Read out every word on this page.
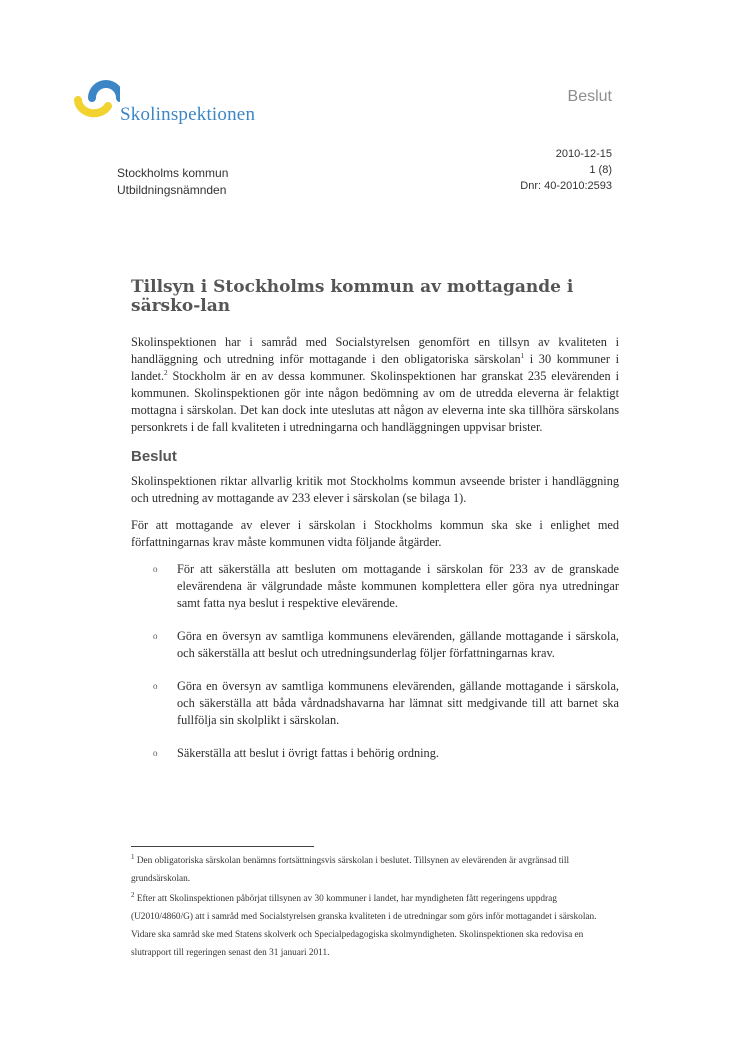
Skolinspektionen
Beslut
2010-12-15
1 (8)
Dnr: 40-2010:2593
Stockholms kommun
Utbildningsnämnden
Tillsyn i Stockholms kommun av mottagande i särsko-lan

Skolinspektionen har i samråd med Socialstyrelsen genomfört en tillsyn av kvaliteten i handläggning och utredning inför mottagande i den obligatoriska särskolan$^1$ i 30 kommuner i landet.$^2$ Stockholm är en av dessa kommuner. Skolinspektionen har granskat 235 elevärenden i kommunen. Skolinspektionen gör inte någon bedömning av om de utredda eleverna är felaktigt mottagna i särskolan. Det kan dock inte uteslutas att någon av eleverna inte ska tillhöra särskolans personkrets i de fall kvaliteten i utredningarna och handläggningen uppvisar brister.

Beslut

Skolinspektionen riktar allvarlig kritik mot Stockholms kommun avseende brister i handläggning och utredning av mottagande av 233 elever i särskolan (se bilaga 1).

För att mottagande av elever i särskolan i Stockholms kommun ska ske i enlighet med författningarnas krav måste kommunen vidta följande åtgärder.

o För att säkerställa att besluten om mottagande i särskolan för 233 av de granskade elevärendena är välgrundade måste kommunen komplettera eller göra nya utredningar samt fatta nya beslut i respektive elevärende.
o Göra en översyn av samtliga kommunens elevärenden, gällande mottagande i särskola, och säkerställa att beslut och utredningsunderlag följer författningarnas krav.
o Göra en översyn av samtliga kommunens elevärenden, gällande mottagande i särskola, och säkerställa att båda vårdnadshavarna har lämnat sitt medgivande till att barnet ska fullfölja sin skolplikt i särskolan.
o Säkerställa att beslut i övrigt fattas i behörig ordning.

$^1$ Den obligatoriska särskolan benämns fortsättningsvis särskolan i beslutet. Tillsynen av elevärenden är avgränsad till grundsärskolan.

$^2$ Efter att Skolinspektionen påbörjat tillsynen av 30 kommuner i landet, har myndigheten fått regeringens uppdrag (U2010/4860/G) att i samråd med Socialstyrelsen granska kvaliteten i de utredningar som görs inför mottagandet i särskolan. Vidare ska samråd ske med Statens skolverk och Specialpedagogiska skolmyndigheten. Skolinspektionen ska redovisa en slutrapport till regeringen senast den 31 januari 2011.
